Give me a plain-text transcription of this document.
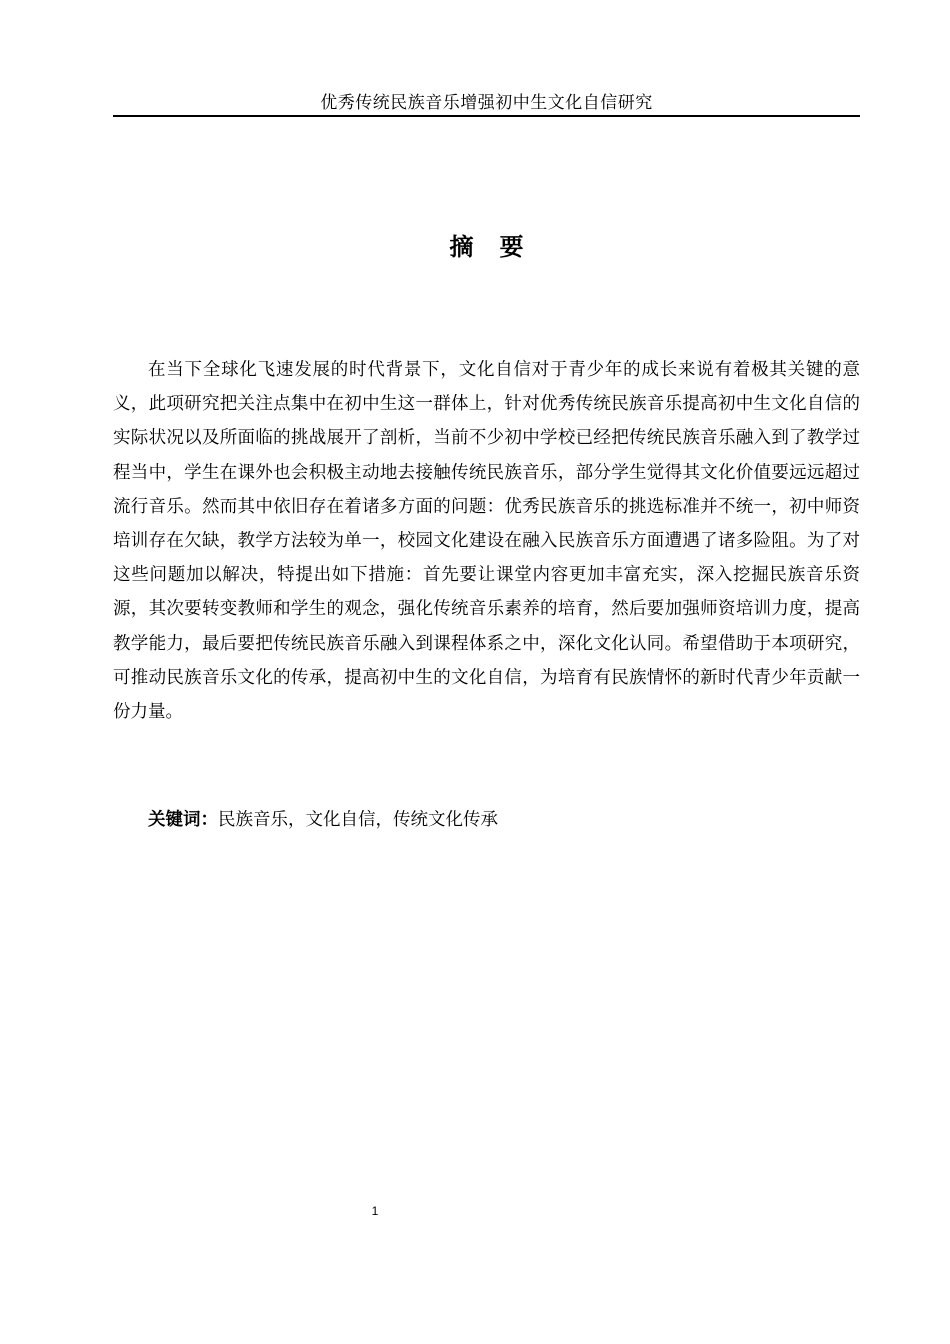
优秀传统民族音乐增强初中生文化自信研究
摘 要

在当下全球化飞速发展的时代背景下，文化自信对于青少年的成长来说有着极其关键的意义，此项研究把关注点集中在初中生这一群体上，针对优秀传统民族音乐提高初中生文化自信的实际状况以及所面临的挑战展开了剖析，当前不少初中学校已经把传统民族音乐融入到了教学过程当中，学生在课外也会积极主动地去接触传统民族音乐，部分学生觉得其文化价值要远远超过流行音乐。然而其中依旧存在着诸多方面的问题：优秀民族音乐的挑选标准并不统一，初中师资培训存在欠缺，教学方法较为单一，校园文化建设在融入民族音乐方面遭遇了诸多险阻。为了对这些问题加以解决，特提出如下措施：首先要让课堂内容更加丰富充实，深入挖掘民族音乐资源，其次要转变教师和学生的观念，强化传统音乐素养的培育，然后要加强师资培训力度，提高教学能力，最后要把传统民族音乐融入到课程体系之中，深化文化认同。希望借助于本项研究，可推动民族音乐文化的传承，提高初中生的文化自信，为培育有民族情怀的新时代青少年贡献一份力量。

关键词：民族音乐，文化自信，传统文化传承

1
